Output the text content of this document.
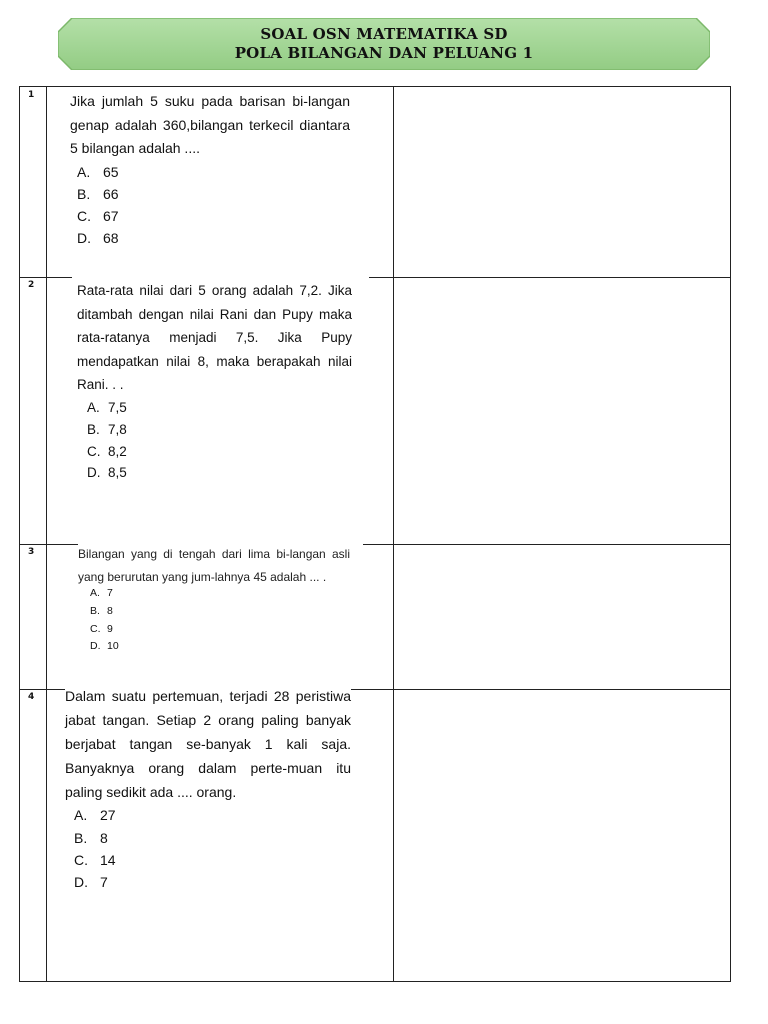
SOAL OSN MATEMATIKA SD
POLA BILANGAN DAN PELUANG 1
1
2
3
4

Jika jumlah 5 suku pada barisan bi-langan genap adalah 360,bilangan terkecil diantara 5 bilangan adalah ....

A. 65
B. 66
C. 67
D. 68

Rata-rata nilai dari 5 orang adalah 7,2. Jika ditambah dengan nilai Rani dan Pupy maka rata-ratanya menjadi 7,5. Jika Pupy mendapatkan nilai 8, maka berapakah nilai Rani. . .

A. 7,5
B. 7,8
C. 8,2
D. 8,5

Bilangan yang di tengah dari lima bi-langan asli yang berurutan yang jum-lahnya 45 adalah ... .

A. 7
B. 8
C. 9
D. 10

Dalam suatu pertemuan, terjadi 28 peristiwa jabat tangan. Setiap 2 orang paling banyak berjabat tangan se-banyak 1 kali saja. Banyaknya orang dalam perte-muan itu paling sedikit ada .... orang.

A. 27
B. 8
C. 14
D. 7
